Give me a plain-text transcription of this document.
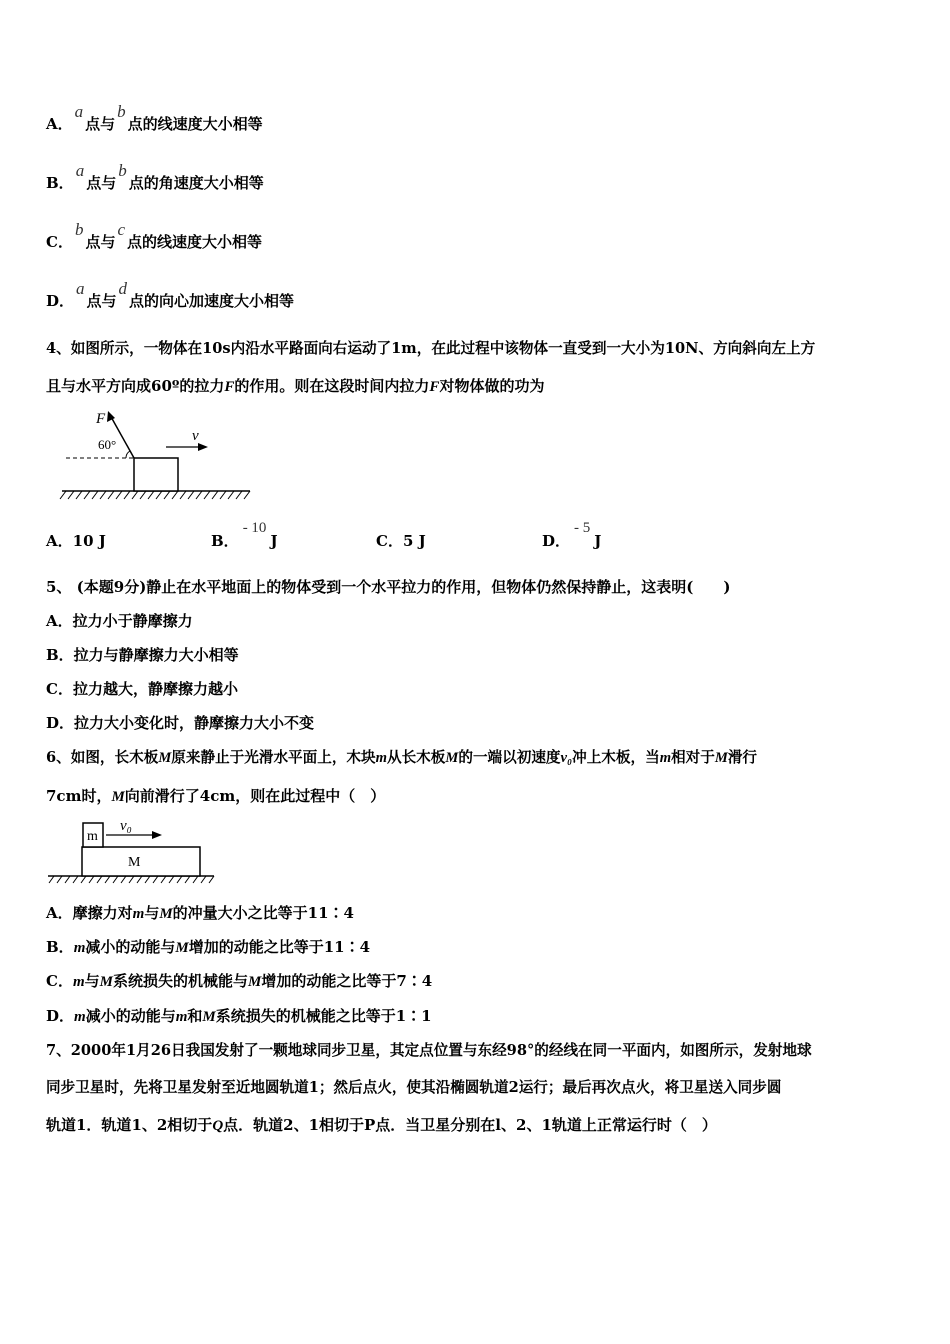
A．a点与b点的线速度大小相等
B．a点与b点的角速度大小相等
C．b点与c点的线速度大小相等
D．a点与d点的向心加速度大小相等
4、如图所示，一物体在10s内沿水平路面向右运动了1m，在此过程中该物体一直受到一大小为10N、方向斜向左上方
且与水平方向成60º的拉力F的作用。则在这段时间内拉力F对物体做的功为
F
60°
v
A．10 J	B．- 10J	C．5 J	D．- 5J
5、 (本题9分)静止在水平地面上的物体受到一个水平拉力的作用，但物体仍然保持静止，这表明(　　)
A．拉力小于静摩擦力
B．拉力与静摩擦力大小相等
C．拉力越大，静摩擦力越小
D．拉力大小变化时，静摩擦力大小不变
6、如图，长木板M原来静止于光滑水平面上，木块m从长木板M的一端以初速度v₀冲上木板，当m相对于M滑行
7cm时，M向前滑行了4cm，则在此过程中（　）
m
M
v₀
A．摩擦力对m与M的冲量大小之比等于11∶4
B．m减小的动能与M增加的动能之比等于11∶4
C．m与M系统损失的机械能与M增加的动能之比等于7∶4
D．m减小的动能与m和M系统损失的机械能之比等于1∶1
7、2000年1月26日我国发射了一颗地球同步卫星，其定点位置与东经98°的经线在同一平面内，如图所示，发射地球
同步卫星时，先将卫星发射至近地圆轨道1；然后点火，使其沿椭圆轨道2运行；最后再次点火，将卫星送入同步圆
轨道1．轨道1、2相切于Q点．轨道2、1相切于P点．当卫星分别在l、2、1轨道上正常运行时（　）
